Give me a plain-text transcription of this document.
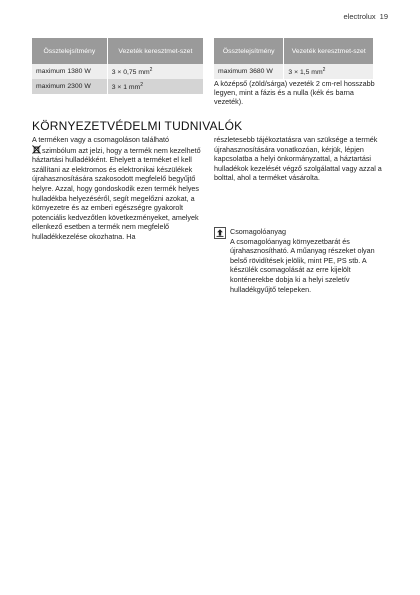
electrolux 19
Össztelejsítmény	Vezeték keresztmet-szet
maximum 1380 W	3 × 0,75 $mm^2$
maximum 2300 W	3 × 1 $mm^2$
Össztelejsítmény	Vezeték keresztmet-szet
maximum 3680 W	3 × 1,5 $mm^2$
A középső (zöld/sárga) vezeték 2 cm-rel hosszabb legyen, mint a fázis és a nulla (kék és barna vezeték).
KÖRNYEZETVÉDELMI TUDNIVALÓK

A terméken vagy a csomagoláson található
szimbólum azt jelzi, hogy a termék nem kezelhető háztartási hulladékként. Ehelyett a terméket el kell szállítani az elektromos és elektronikai készülékek újrahasznosítására szakosodott megfelelő begyűjtő helyre. Azzal, hogy gondoskodik ezen termék helyes hulladékba helyezéséről, segít megelőzni azokat, a környezetre és az emberi egészségre gyakorolt potenciális kedvezőtlen következményeket, amelyek ellenkező esetben a termék nem megfelelő hulladékkezelése okozhatna. Ha

részletesebb tájékoztatásra van szüksége a termék újrahasznosítására vonatkozóan, kérjük, lépjen kapcsolatba a helyi önkormányzattal, a háztartási hulladékok kezelését végző szolgálattal vagy azzal a bolttal, ahol a terméket vásárolta.

Csomagolóanyag

A csomagolóanyag környezetbarát és újrahasznosítható. A műanyag részeket olyan belső rövidítések jelölik, mint PE, PS stb. A készülék csomagolását az erre kijelölt konténerekbe dobja ki a helyi szeletív hulladékgyűjtő telepeken.
